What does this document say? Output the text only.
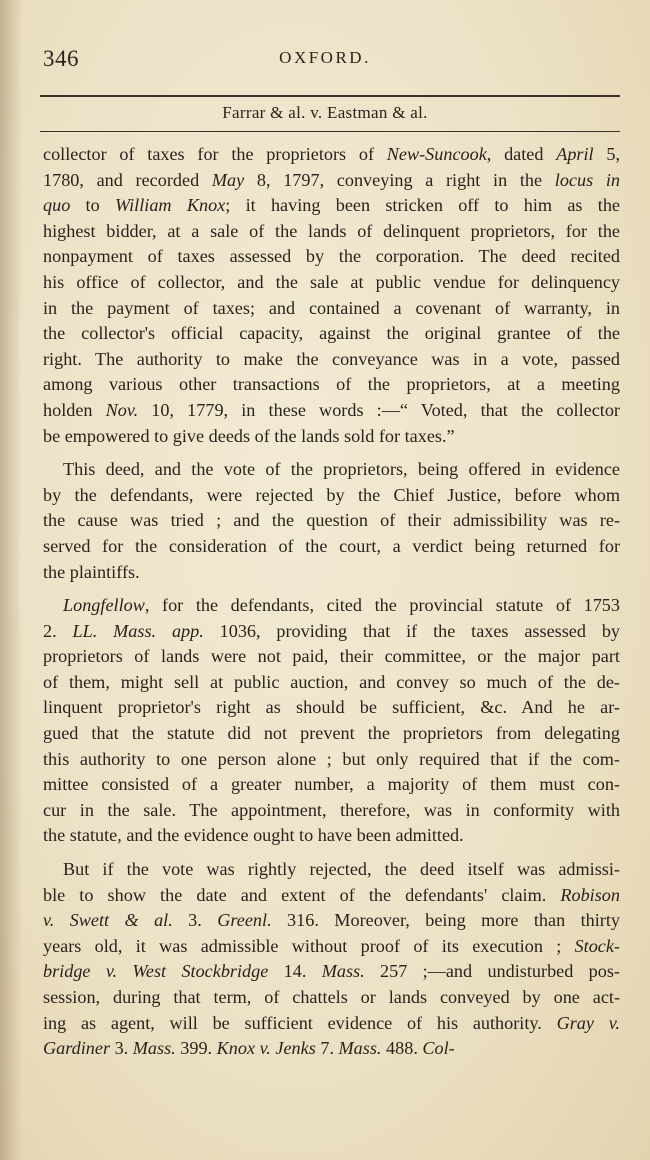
346	OXFORD.
Farrar & al. v. Eastman & al.
collector of taxes for the proprietors of New-Suncook, dated April 5,
1780, and recorded May 8, 1797, conveying a right in the locus in
quo to William Knox; it having been stricken off to him as the
highest bidder, at a sale of the lands of delinquent proprietors, for the
nonpayment of taxes assessed by the corporation. The deed recited
his office of collector, and the sale at public vendue for delinquency
in the payment of taxes; and contained a covenant of warranty, in
the collector's official capacity, against the original grantee of the
right. The authority to make the conveyance was in a vote, passed
among various other transactions of the proprietors, at a meeting
holden Nov. 10, 1779, in these words :—“ Voted, that the collector
be empowered to give deeds of the lands sold for taxes.”
This deed, and the vote of the proprietors, being offered in evidence
by the defendants, were rejected by the Chief Justice, before whom
the cause was tried ; and the question of their admissibility was re-
served for the consideration of the court, a verdict being returned for
the plaintiffs.
Longfellow, for the defendants, cited the provincial statute of 1753
2. LL. Mass. app. 1036, providing that if the taxes assessed by
proprietors of lands were not paid, their committee, or the major part
of them, might sell at public auction, and convey so much of the de-
linquent proprietor's right as should be sufficient, &c. And he ar-
gued that the statute did not prevent the proprietors from delegating
this authority to one person alone ; but only required that if the com-
mittee consisted of a greater number, a majority of them must con-
cur in the sale. The appointment, therefore, was in conformity with
the statute, and the evidence ought to have been admitted.
But if the vote was rightly rejected, the deed itself was admissi-
ble to show the date and extent of the defendants' claim. Robison
v. Swett & al. 3. Greenl. 316. Moreover, being more than thirty
years old, it was admissible without proof of its execution ; Stock-
bridge v. West Stockbridge 14. Mass. 257 ;—and undisturbed pos-
session, during that term, of chattels or lands conveyed by one act-
ing as agent, will be sufficient evidence of his authority. Gray v.
Gardiner 3. Mass. 399. Knox v. Jenks 7. Mass. 488. Col-
